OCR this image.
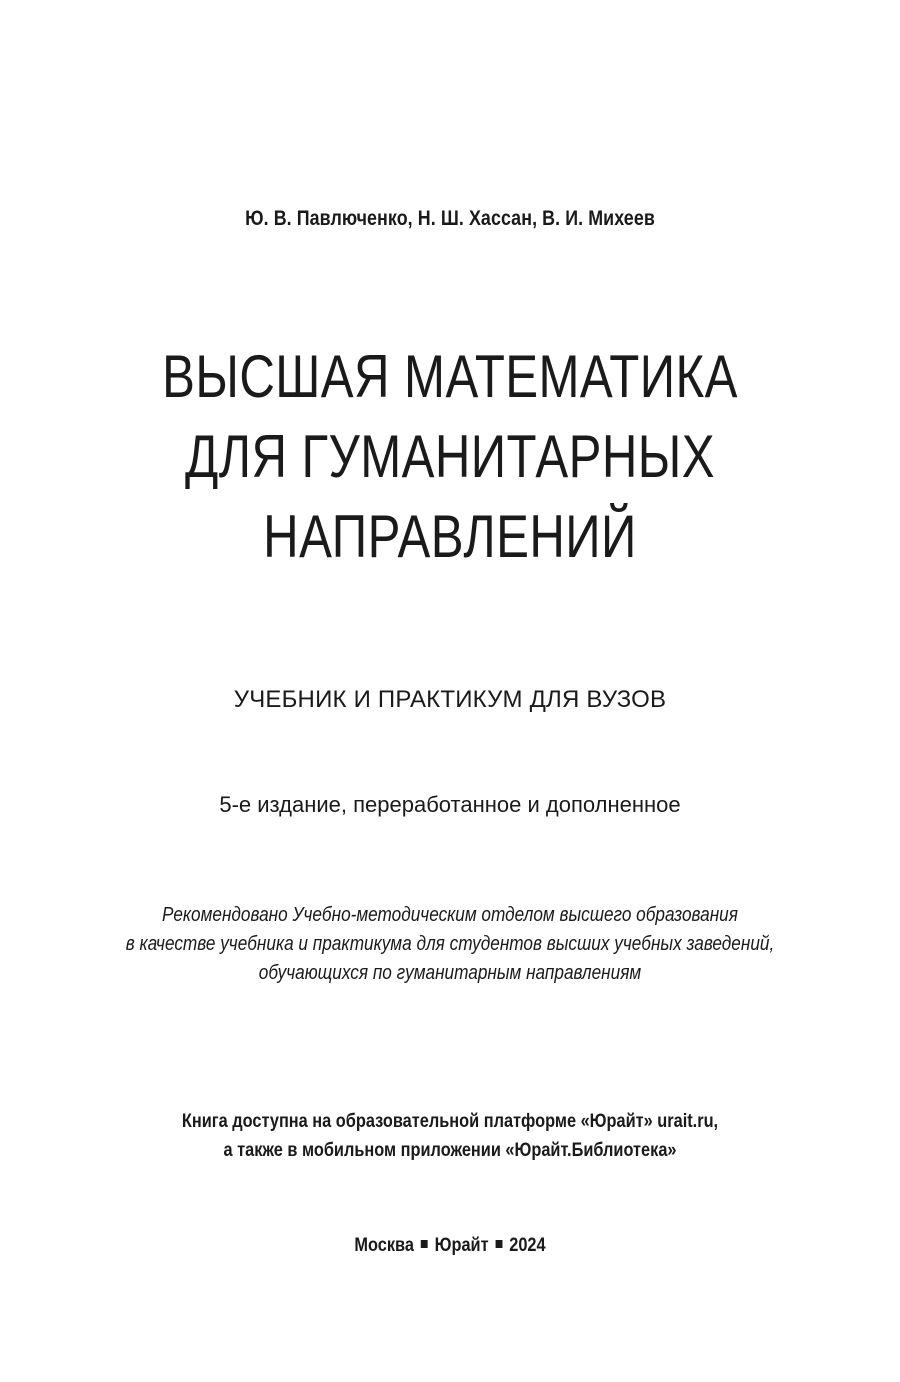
Ю. В. Павлюченко, Н. Ш. Хассан, В. И. Михеев
ВЫСШАЯ МАТЕМАТИКА
ДЛЯ ГУМАНИТАРНЫХ
НАПРАВЛЕНИЙ
УЧЕБНИК И ПРАКТИКУМ ДЛЯ ВУЗОВ
5-е издание, переработанное и дополненное
Рекомендовано Учебно-методическим отделом высшего образования
в качестве учебника и практикума для студентов высших учебных заведений,
обучающихся по гуманитарным направлениям
Книга доступна на образовательной платформе «Юрайт» urait.ru,
а также в мобильном приложении «Юрайт.Библиотека»
Москва Юрайт 2024
